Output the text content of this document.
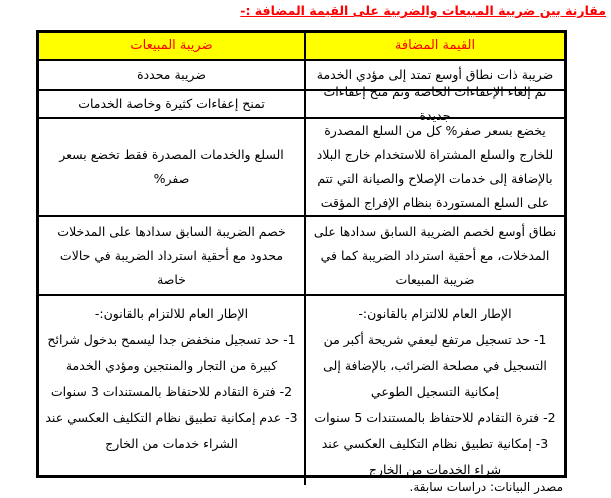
مقارنة بين ضريبة المبيعات والضريبة على القيمة المضافة :-
القيمة المضافة
ضريبة المبيعات
ضريبة ذات نطاق أوسع تمتد إلى مؤدي الخدمة
ضريبة محددة
تم إلغاء الإعفاءات الخاصة وتم منح إعفاءات جديدة
تمنح إعفاءات كثيرة وخاصة الخدمات
يخضع بسعر صفر% كل من السلع المصدرة للخارج والسلع المشتراة للاستخدام خارج البلاد بالإضافة إلى خدمات الإصلاح والصيانة التي تتم على السلع المستوردة بنظام الإفراج المؤقت
السلع والخدمات المصدرة فقط تخضع بسعر صفر%
نطاق أوسع لخصم الضريبة السابق سدادها على المدخلات، مع أحقية استرداد الضريبة كما في ضريبة المبيعات
خصم الضريبة السابق سدادها على المدخلات محدود مع أحقية استرداد الضريبة في حالات خاصة
الإطار العام للالتزام بالقانون:-
1- حد تسجيل مرتفع ليعفي شريحة أكبر من التسجيل في مصلحة الضرائب، بالإضافة إلى إمكانية التسجيل الطوعي
2- فترة التقادم للاحتفاظ بالمستندات 5 سنوات
3- إمكانية تطبيق نظام التكليف العكسي عند شراء الخدمات من الخارج
الإطار العام للالتزام بالقانون:-
1- حد تسجيل منخفض جدا ليسمح بدخول شرائح كبيرة من التجار والمنتجين ومؤدي الخدمة
2- فترة التقادم للاحتفاظ بالمستندات 3 سنوات
3- عدم إمكانية تطبيق نظام التكليف العكسي عند الشراء خدمات من الخارج
مصدر البيانات: دراسات سابقة.
